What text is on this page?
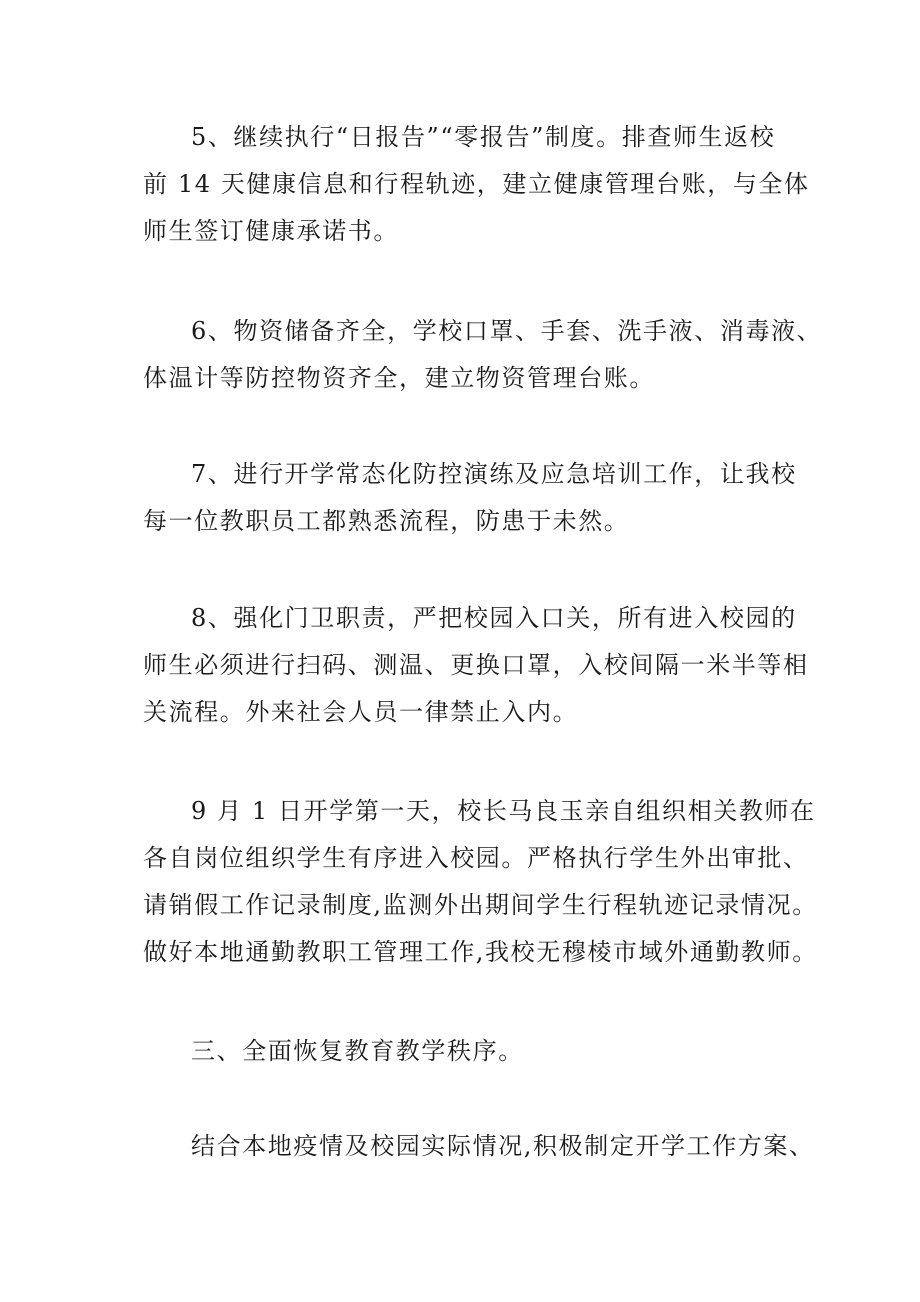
5、继续执行“日报告”“零报告”制度。排查师生返校
前 14 天健康信息和行程轨迹，建立健康管理台账，与全体
师生签订健康承诺书。
6、物资储备齐全，学校口罩、手套、洗手液、消毒液、
体温计等防控物资齐全，建立物资管理台账。
7、进行开学常态化防控演练及应急培训工作，让我校
每一位教职员工都熟悉流程，防患于未然。
8、强化门卫职责，严把校园入口关，所有进入校园的
师生必须进行扫码、测温、更换口罩，入校间隔一米半等相
关流程。外来社会人员一律禁止入内。
9 月 1 日开学第一天，校长马良玉亲自组织相关教师在
各自岗位组织学生有序进入校园。严格执行学生外出审批、
请销假工作记录制度,监测外出期间学生行程轨迹记录情况。
做好本地通勤教职工管理工作,我校无穆棱市域外通勤教师。
三、全面恢复教育教学秩序。
结合本地疫情及校园实际情况,积极制定开学工作方案、
